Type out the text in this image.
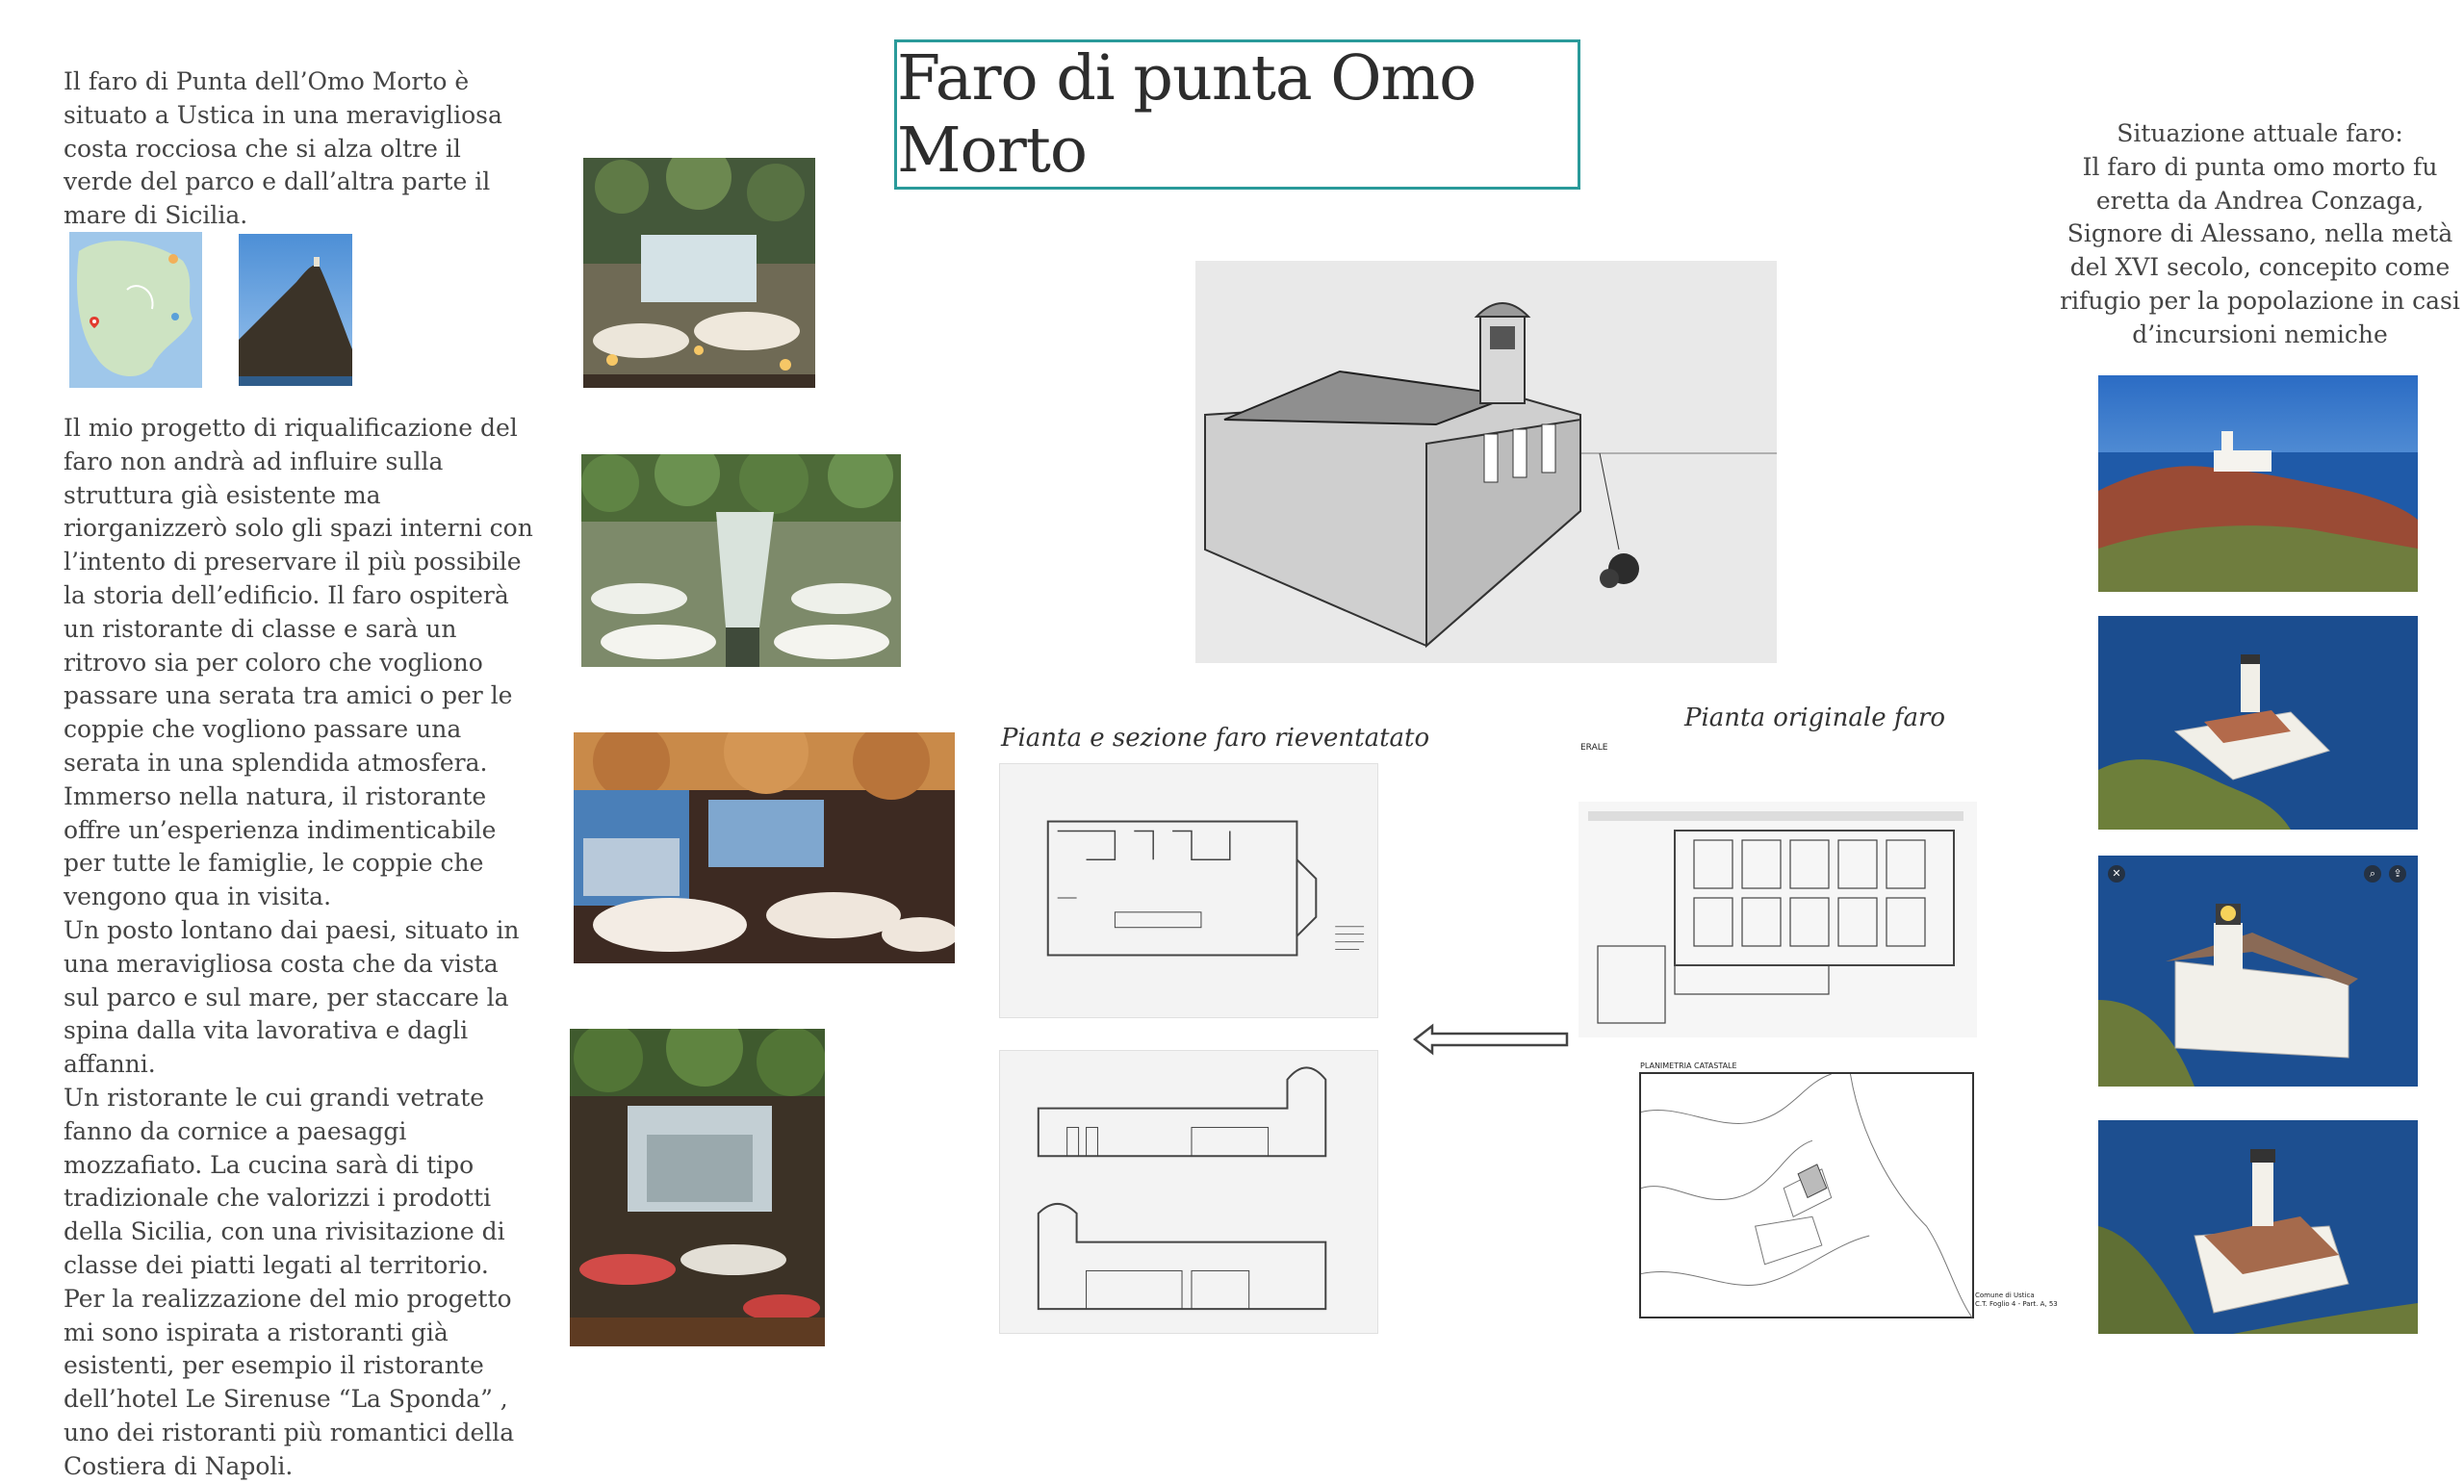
Faro di punta Omo Morto
Il faro di Punta dell’Omo Morto è situato a Ustica in una meravigliosa costa rocciosa che si alza oltre il verde del parco e dall’altra parte il mare di Sicilia.
Il mio progetto di riqualificazione del faro non andrà ad influire sulla struttura già esistente ma riorganizzerò solo gli spazi interni con l’intento di preservare il più possibile la storia dell’edificio. Il faro ospiterà un ristorante di classe e sarà un ritrovo sia per coloro che vogliono passare una serata tra amici o per le coppie che vogliono passare una serata in una splendida atmosfera.
Immerso nella natura, il ristorante offre un’esperienza indimenticabile per tutte le famiglie, le coppie che vengono qua in visita.
Un posto lontano dai paesi, situato in una meravigliosa costa che da vista sul parco e sul mare, per staccare la spina dalla vita lavorativa e dagli affanni.
Un ristorante le cui grandi vetrate fanno da cornice a paesaggi mozzafiato. La cucina sarà di tipo tradizionale che valorizzi i prodotti della Sicilia, con una rivisitazione di classe dei piatti legati al territorio.
Per la realizzazione del mio progetto mi sono ispirata a ristoranti già esistenti, per esempio il ristorante dell’hotel Le Sirenuse “La Sponda” , uno dei ristoranti più romantici della Costiera di Napoli.
Pianta e sezione faro rieventatato
Pianta originale faro
ERALE
PLANIMETRIA CATASTALE
Comune di Ustica
C.T. Foglio 4 - Part. A, 53
Situazione attuale faro:
Il faro di punta omo morto fu eretta da Andrea Conzaga, Signore di Alessano, nella metà del XVI secolo, concepito come rifugio per la popolazione in casi d’incursioni nemiche
✕	⌕	⇪
